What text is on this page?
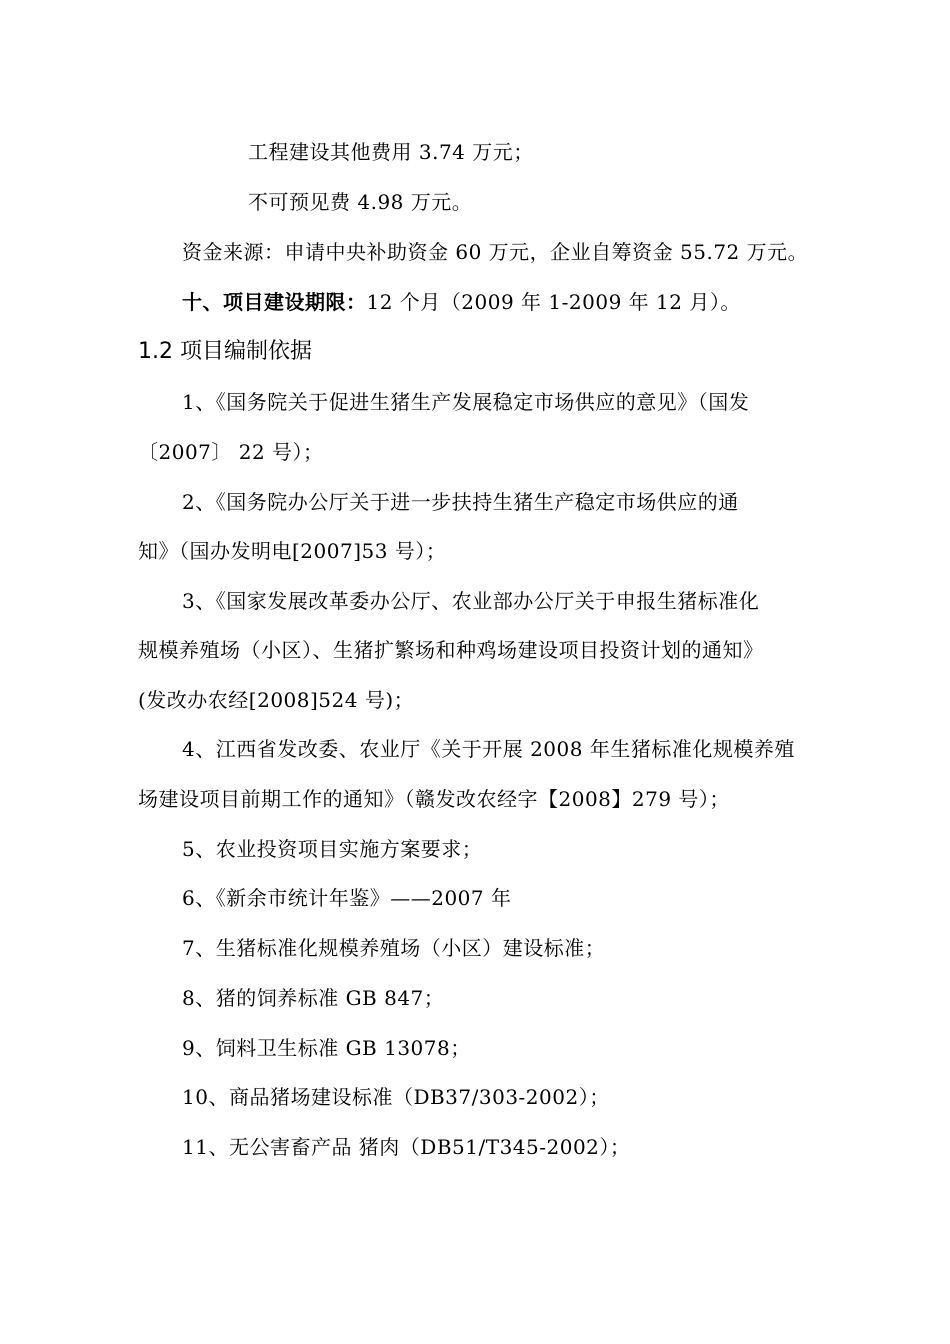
工程建设其他费用 3.74 万元；
不可预见费 4.98 万元。
资金来源：申请中央补助资金 60 万元，企业自筹资金 55.72 万元。
十、项目建设期限：12 个月（2009 年 1-2009 年 12 月）。
1.2 项目编制依据
1、《国务院关于促进生猪生产发展稳定市场供应的意见》（国发
〔2007〕 22 号）；
2、《国务院办公厅关于进一步扶持生猪生产稳定市场供应的通
知》（国办发明电[2007]53 号）；
3、《国家发展改革委办公厅、农业部办公厅关于申报生猪标准化
规模养殖场（小区）、生猪扩繁场和种鸡场建设项目投资计划的通知》
(发改办农经[2008]524 号)；
4、江西省发改委、农业厅《关于开展 2008 年生猪标准化规模养殖
场建设项目前期工作的通知》（赣发改农经字【2008】279 号）；
5、农业投资项目实施方案要求；
6、《新余市统计年鉴》——2007 年
7、生猪标准化规模养殖场（小区）建设标准；
8、猪的饲养标准 GB 847；
9、饲料卫生标准 GB 13078；
10、商品猪场建设标准（DB37/303-2002）；
11、无公害畜产品 猪肉（DB51/T345-2002）；
